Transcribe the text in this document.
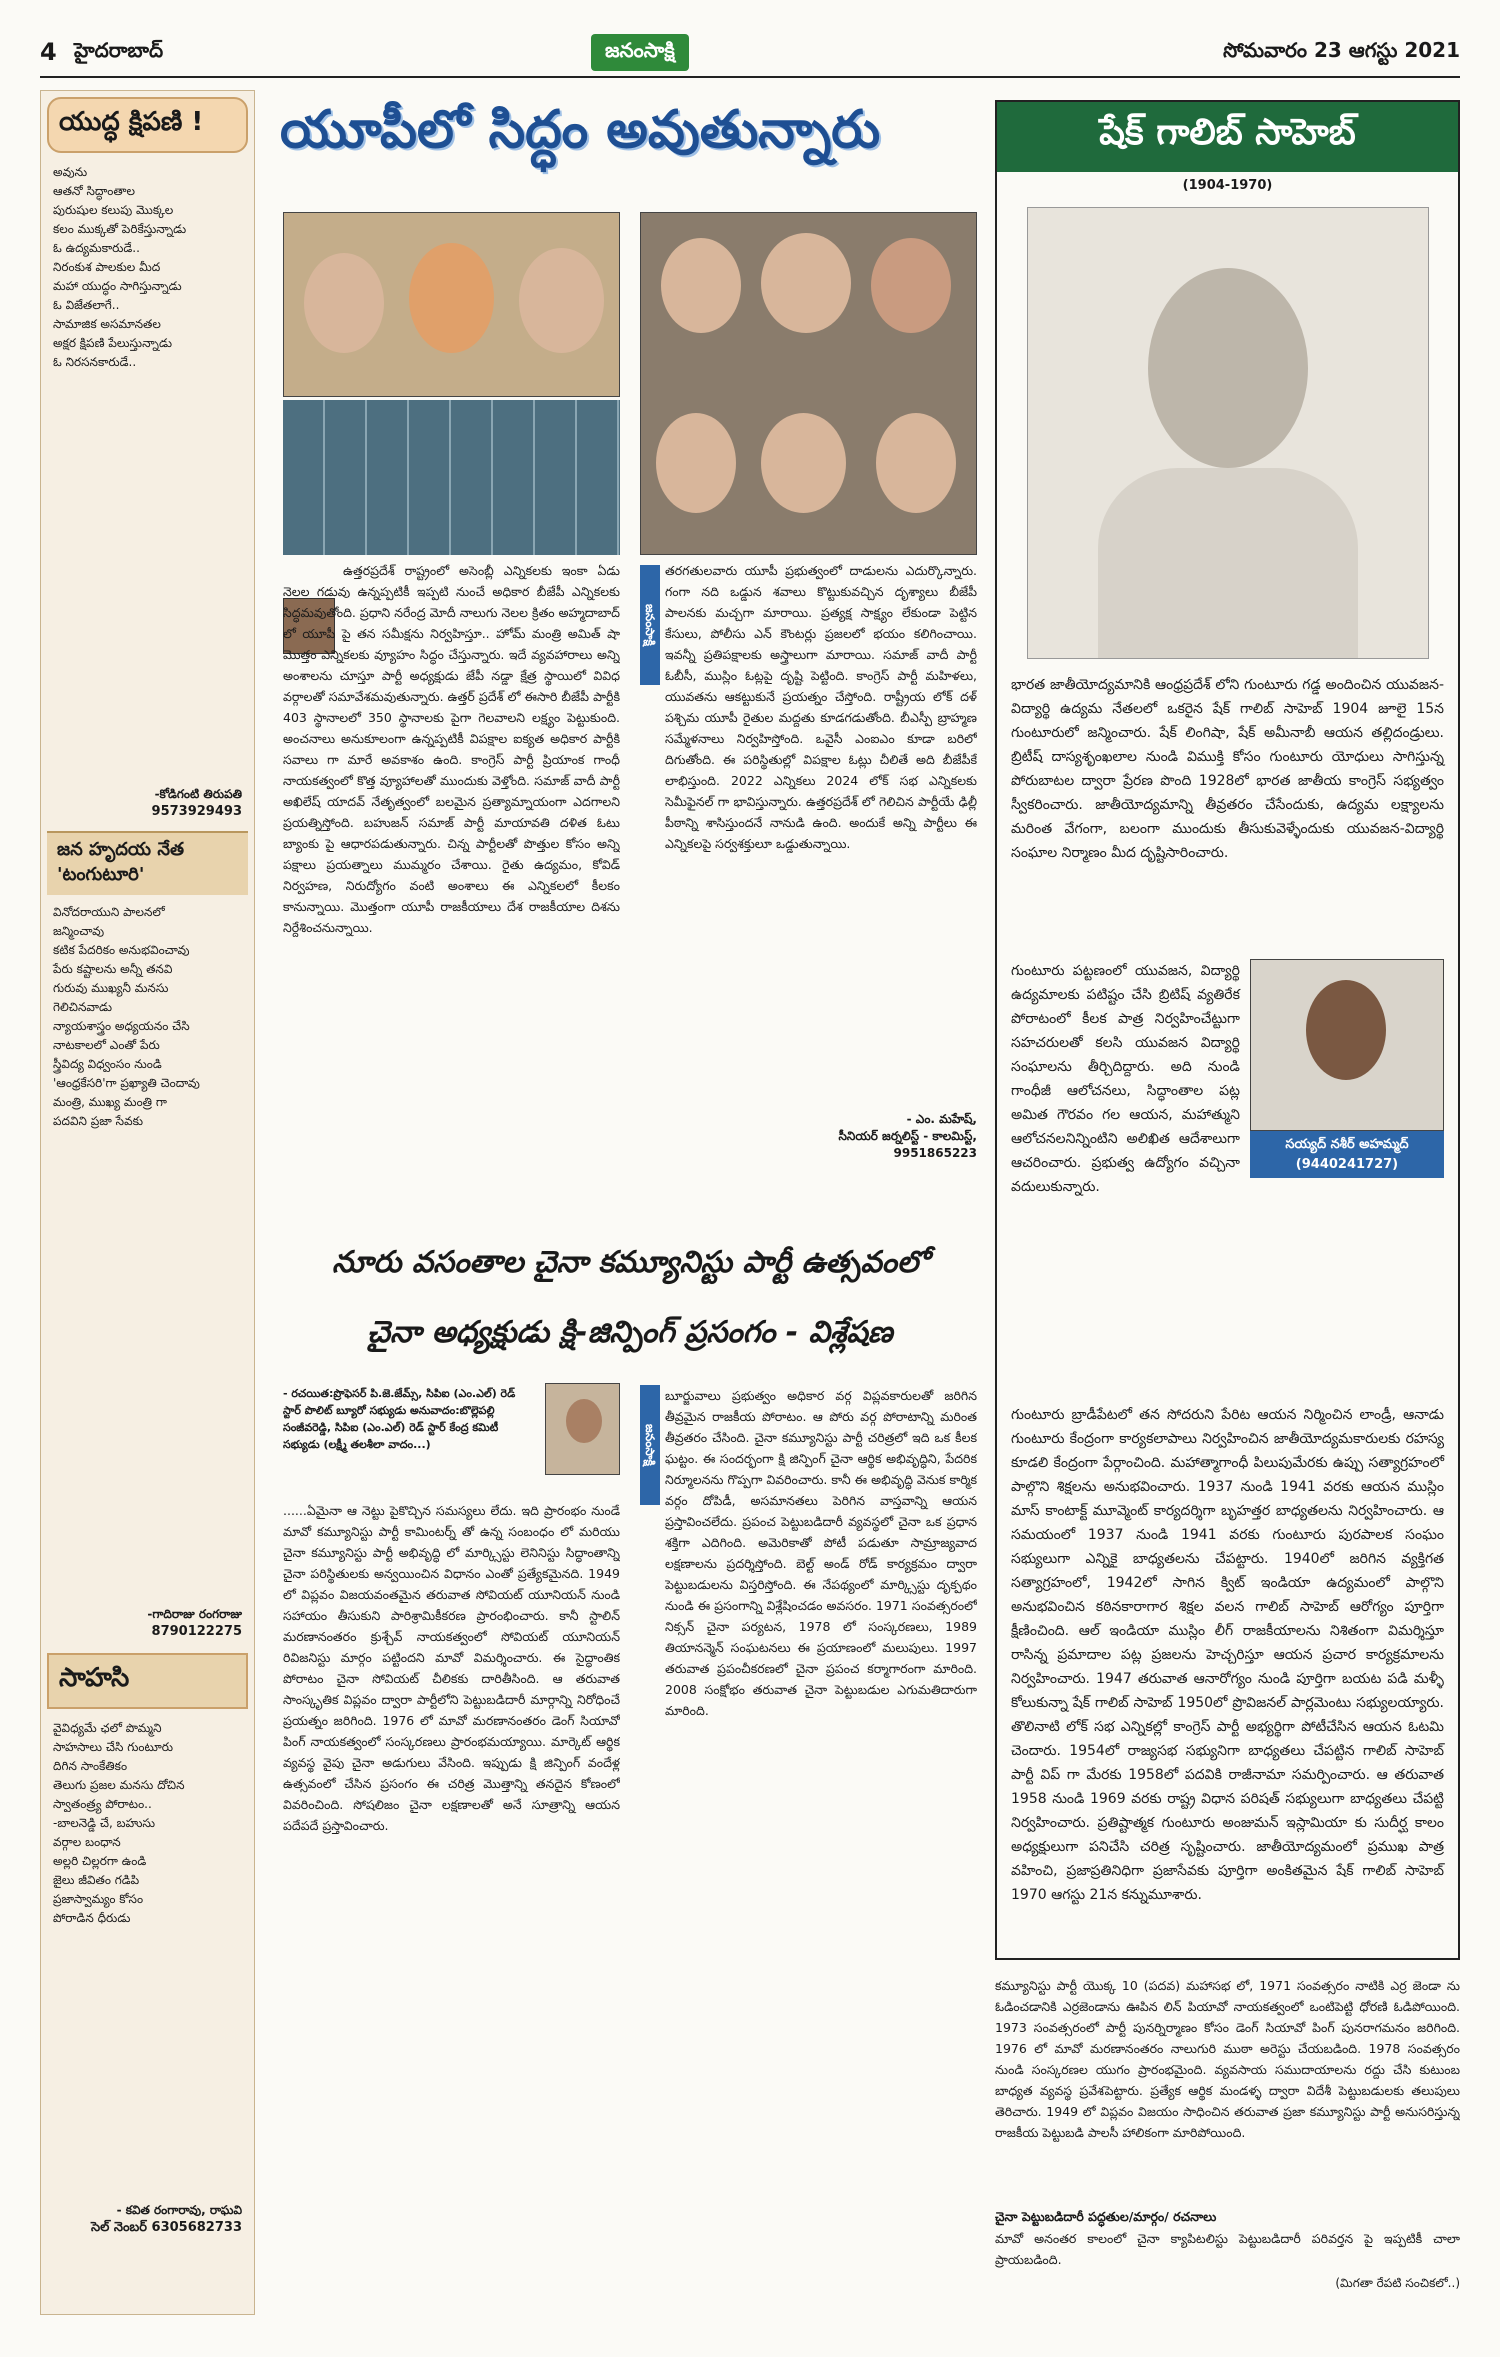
4 హైదరాబాద్	జనంసాక్షి	సోమవారం 23 ఆగస్టు 2021
యుద్ధ క్షిపణి !
అవును
ఆతనో సిద్ధాంతాల
పురుషుల కలుపు మొక్కల
కలం ముక్కతో పెరికేస్తున్నాడు
ఓ ఉద్యమకారుడే..
నిరంకుశ పాలకుల మీద
మహా యుద్ధం సాగిస్తున్నాడు
ఓ విజేతలాగే..
సామాజిక అసమానతల
అక్షర క్షిపణి పేలుస్తున్నాడు
ఓ నిరసనకారుడే..
-కోడిగంటి తిరుపతి
9573929493
జన హృదయ నేత 'టంగుటూరి'
వినోదరాయుని పాలనలో
జన్మించావు
కటిక పేదరికం అనుభవించావు
పేరు కష్టాలను అన్నీ తనవి
గురువు ముఖ్యనీ మనసు
గెలిచినవాడు
న్యాయశాస్త్రం అధ్యయనం చేసి
నాటకాలలో ఎంతో పేరు
స్త్రీవిద్య విధ్వంసం నుండి
'ఆంధ్రకేసరి'గా ప్రఖ్యాతి చెందావు
మంత్రి, ముఖ్య మంత్రి గా
పదవిని ప్రజా సేవకు
-గాదిరాజు రంగరాజు
8790122275
సాహసి
వైవిధ్యమే ఛలో పొమ్మని
సాహసాలు చేసి గుంటూరు
దిగిన సాంకేతికం
తెలుగు ప్రజల మనసు దోచిన
స్వాతంత్ర్య పోరాటం..
-బాలనెడ్డి చే, బహుసు
వర్గాల బంధాన
అల్లరి చిల్లరగా ఉండి
జైలు జీవితం గడిపి
ప్రజాస్వామ్యం కోసం
పోరాడిన ధీరుడు
- కవిత రంగారావు, రాఘవి
సెల్ నెంబర్ 6305682733
యూపీలో సిద్ధం అవుతున్నారు
ఉత్తరప్రదేశ్ రాష్ట్రంలో అసెంబ్లీ ఎన్నికలకు ఇంకా ఏడు నెలల గడువు ఉన్నప్పటికీ ఇప్పటి నుంచే అధికార బీజేపీ ఎన్నికలకు సిద్ధమవుతోంది. ప్రధాని నరేంద్ర మోదీ నాలుగు నెలల క్రితం అహ్మదాబాద్ లో యూపీ పై తన సమీక్షను నిర్వహిస్తూ.. హోమ్ మంత్రి అమిత్ షా మొత్తం ఎన్నికలకు వ్యూహం సిద్ధం చేస్తున్నారు. ఇదే వ్యవహారాలు అన్ని అంశాలను చూస్తూ పార్టీ అధ్యక్షుడు జేపీ నడ్డా క్షేత్ర స్థాయిలో వివిధ వర్గాలతో సమావేశమవుతున్నారు. ఉత్తర్ ప్రదేశ్ లో ఈసారి బీజేపీ పార్టీకి 403 స్థానాలలో 350 స్థానాలకు పైగా గెలవాలని లక్ష్యం పెట్టుకుంది. అంచనాలు అనుకూలంగా ఉన్నప్పటికీ విపక్షాల ఐక్యత అధికార పార్టీకి సవాలు గా మారే అవకాశం ఉంది. కాంగ్రెస్ పార్టీ ప్రియాంక గాంధీ నాయకత్వంలో కొత్త వ్యూహాలతో ముందుకు వెళ్తోంది. సమాజ్ వాదీ పార్టీ అఖిలేష్ యాదవ్ నేతృత్వంలో బలమైన ప్రత్యామ్నాయంగా ఎదగాలని ప్రయత్నిస్తోంది. బహుజన్ సమాజ్ పార్టీ మాయావతి దళిత ఓటు బ్యాంకు పై ఆధారపడుతున్నారు. చిన్న పార్టీలతో పొత్తుల కోసం అన్ని పక్షాలు ప్రయత్నాలు ముమ్మరం చేశాయి. రైతు ఉద్యమం, కోవిడ్ నిర్వహణ, నిరుద్యోగం వంటి అంశాలు ఈ ఎన్నికలలో కీలకం కానున్నాయి. మొత్తంగా యూపీ రాజకీయాలు దేశ రాజకీయాల దిశను నిర్దేశించనున్నాయి.
జనంసాక్షి
తరగతులవారు యూపీ ప్రభుత్వంలో దాడులను ఎదుర్కొన్నారు. గంగా నది ఒడ్డున శవాలు కొట్టుకువచ్చిన దృశ్యాలు బీజేపీ పాలనకు మచ్చగా మారాయి. ప్రత్యక్ష సాక్ష్యం లేకుండా పెట్టిన కేసులు, పోలీసు ఎన్ కౌంటర్లు ప్రజలలో భయం కలిగించాయి. ఇవన్నీ ప్రతిపక్షాలకు అస్త్రాలుగా మారాయి. సమాజ్ వాదీ పార్టీ ఓబీసీ, ముస్లిం ఓట్లపై దృష్టి పెట్టింది. కాంగ్రెస్ పార్టీ మహిళలు, యువతను ఆకట్టుకునే ప్రయత్నం చేస్తోంది. రాష్ట్రీయ లోక్ దళ్ పశ్చిమ యూపీ రైతుల మద్దతు కూడగడుతోంది. బీఎస్పీ బ్రాహ్మణ సమ్మేళనాలు నిర్వహిస్తోంది. ఒవైసీ ఎంఐఎం కూడా బరిలో దిగుతోంది. ఈ పరిస్థితుల్లో విపక్షాల ఓట్లు చీలితే అది బీజేపీకే లాభిస్తుంది. 2022 ఎన్నికలు 2024 లోక్ సభ ఎన్నికలకు సెమీఫైనల్ గా భావిస్తున్నారు. ఉత్తరప్రదేశ్ లో గెలిచిన పార్టీయే ఢిల్లీ పీఠాన్ని శాసిస్తుందనే నానుడి ఉంది. అందుకే అన్ని పార్టీలు ఈ ఎన్నికలపై సర్వశక్తులూ ఒడ్డుతున్నాయి.
- ఎం. మహేష్,
సీనియర్ జర్నలిస్ట్ - కాలమిస్ట్,
9951865223
నూరు వసంతాల చైనా కమ్యూనిస్టు పార్టీ ఉత్సవంలో
చైనా అధ్యక్షుడు క్షి-జిన్పింగ్ ప్రసంగం - విశ్లేషణ
- రచయిత:ప్రొఫెసర్ పి.జె.జేమ్స్, సిపిఐ (ఎం.ఎల్) రెడ్ స్టార్ పొలిట్ బ్యూరో సభ్యుడు అనువాదం:బొల్లెపల్లి సంజీవరెడ్డి, సిపిఐ (ఎం.ఎల్) రెడ్ స్టార్ కేంద్ర కమిటీ సభ్యుడు (లక్ష్మీ తలశీలా వాదం...)
......ఏమైనా ఆ నెట్టు పైకొచ్చిన సమస్యలు లేదు. ఇది ప్రారంభం నుండే మావో కమ్యూనిస్టు పార్టీ కామింటర్న్ తో ఉన్న సంబంధం లో మరియు చైనా కమ్యూనిస్టు పార్టీ అభివృద్ధి లో మార్క్సిస్టు లెనినిస్టు సిద్ధాంతాన్ని చైనా పరిస్థితులకు అన్వయించిన విధానం ఎంతో ప్రత్యేకమైనది. 1949 లో విప్లవం విజయవంతమైన తరువాత సోవియట్ యూనియన్ నుండి సహాయం తీసుకుని పారిశ్రామికీకరణ ప్రారంభించారు. కానీ స్టాలిన్ మరణానంతరం క్రుశ్చేవ్ నాయకత్వంలో సోవియట్ యూనియన్ రివిజనిస్టు మార్గం పట్టిందని మావో విమర్శించారు. ఈ సైద్ధాంతిక పోరాటం చైనా సోవియట్ చీలికకు దారితీసింది. ఆ తరువాత సాంస్కృతిక విప్లవం ద్వారా పార్టీలోని పెట్టుబడిదారీ మార్గాన్ని నిరోధించే ప్రయత్నం జరిగింది. 1976 లో మావో మరణానంతరం డెంగ్ సియావో పింగ్ నాయకత్వంలో సంస్కరణలు ప్రారంభమయ్యాయి. మార్కెట్ ఆర్థిక వ్యవస్థ వైపు చైనా అడుగులు వేసింది. ఇప్పుడు క్షి జిన్పింగ్ వందేళ్ల ఉత్సవంలో చేసిన ప్రసంగం ఈ చరిత్ర మొత్తాన్ని తనదైన కోణంలో వివరించింది. సోషలిజం చైనా లక్షణాలతో అనే సూత్రాన్ని ఆయన పదేపదే ప్రస్తావించారు.
జనంసాక్షి
బూర్జువాలు ప్రభుత్వం అధికార వర్గ విప్లవకారులతో జరిగిన తీవ్రమైన రాజకీయ పోరాటం. ఆ పోరు వర్గ పోరాటాన్ని మరింత తీవ్రతరం చేసింది. చైనా కమ్యూనిస్టు పార్టీ చరిత్రలో ఇది ఒక కీలక ఘట్టం. ఈ సందర్భంగా క్షి జిన్పింగ్ చైనా ఆర్థిక అభివృద్ధిని, పేదరిక నిర్మూలనను గొప్పగా వివరించారు. కానీ ఈ అభివృద్ధి వెనుక కార్మిక వర్గం దోపిడీ, అసమానతలు పెరిగిన వాస్తవాన్ని ఆయన ప్రస్తావించలేదు. ప్రపంచ పెట్టుబడిదారీ వ్యవస్థలో చైనా ఒక ప్రధాన శక్తిగా ఎదిగింది. అమెరికాతో పోటీ పడుతూ సామ్రాజ్యవాద లక్షణాలను ప్రదర్శిస్తోంది. బెల్ట్ అండ్ రోడ్ కార్యక్రమం ద్వారా పెట్టుబడులను విస్తరిస్తోంది. ఈ నేపథ్యంలో మార్క్సిస్టు దృక్పథం నుండి ఈ ప్రసంగాన్ని విశ్లేషించడం అవసరం. 1971 సంవత్సరంలో నిక్సన్ చైనా పర్యటన, 1978 లో సంస్కరణలు, 1989 తియానన్మెన్ సంఘటనలు ఈ ప్రయాణంలో మలుపులు. 1997 తరువాత ప్రపంచీకరణలో చైనా ప్రపంచ కర్మాగారంగా మారింది. 2008 సంక్షోభం తరువాత చైనా పెట్టుబడుల ఎగుమతిదారుగా మారింది.
షేక్ గాలిబ్ సాహెబ్
(1904-1970)
భారత జాతీయోద్యమానికి ఆంధ్రప్రదేశ్ లోని గుంటూరు గడ్డ అందించిన యువజన-విద్యార్థి ఉద్యమ నేతలలో ఒకరైన షేక్ గాలిబ్ సాహెబ్ 1904 జూలై 15న గుంటూరులో జన్మించారు. షేక్ లింగిషా, షేక్ అమీనాబీ ఆయన తల్లిదండ్రులు. బ్రిటీష్ దాస్యశృంఖలాల నుండి విముక్తి కోసం గుంటూరు యోధులు సాగిస్తున్న పోరుబాటల ద్వారా ప్రేరణ పొంది 1928లో భారత జాతీయ కాంగ్రెస్ సభ్యత్వం స్వీకరించారు. జాతీయోద్యమాన్ని తీవ్రతరం చేసేందుకు, ఉద్యమ లక్ష్యాలను మరింత వేగంగా, బలంగా ముందుకు తీసుకువెళ్ళేందుకు యువజన-విద్యార్థి సంఘాల నిర్మాణం మీద దృష్టిసారించారు.
గుంటూరు పట్టణంలో యువజన, విద్యార్థి ఉద్యమాలకు పటిష్టం చేసి బ్రిటిష్ వ్యతిరేక పోరాటంలో కీలక పాత్ర నిర్వహించేట్టుగా సహచరులతో కలసి యువజన విద్యార్థి సంఘాలను తీర్చిదిద్దారు. అది నుండి గాంధీజీ ఆలోచనలు, సిద్ధాంతాల పట్ల అమిత గౌరవం గల ఆయన, మహాత్ముని ఆలోచనలనిన్నింటిని అలిఖిత ఆదేశాలుగా ఆచరించారు. ప్రభుత్వ ఉద్యోగం వచ్చినా వదులుకున్నారు.
సయ్యద్ నశీర్ అహమ్మద్
(9440241727)
గుంటూరు బ్రాడీపేటలో తన సోదరుని పేరిట ఆయన నిర్మించిన లాండ్రీ, ఆనాడు గుంటూరు కేంద్రంగా కార్యకలాపాలు నిర్వహించిన జాతీయోద్యమకారులకు రహస్య కూడలి కేంద్రంగా పేర్గాంచింది. మహాత్మాగాంధీ పిలుపుమేరకు ఉప్పు సత్యాగ్రహంలో పాల్గొని శిక్షలను అనుభవించారు. 1937 నుండి 1941 వరకు ఆయన ముస్లిం మాస్ కాంటాక్ట్ మూవ్మెంట్ కార్యదర్శిగా బృహత్తర బాధ్యతలను నిర్వహించారు. ఆ సమయంలో 1937 నుండి 1941 వరకు గుంటూరు పురపాలక సంఘం సభ్యులుగా ఎన్నికై బాధ్యతలను చేపట్టారు. 1940లో జరిగిన వ్యక్తిగత సత్యాగ్రహంలో, 1942లో సాగిన క్విట్ ఇండియా ఉద్యమంలో పాల్గొని అనుభవించిన కఠినకారాగార శిక్షల వలన గాలిబ్ సాహెబ్ ఆరోగ్యం పూర్తిగా క్షీణించింది. ఆల్ ఇండియా ముస్లిం లీగ్ రాజకీయాలను నిశితంగా విమర్శిస్తూ రాసిన్న ప్రమాదాల పట్ల ప్రజలను హెచ్చరిస్తూ ఆయన ప్రచార కార్యక్రమాలను నిర్వహించారు. 1947 తరువాత ఆనారోగ్యం నుండి పూర్తిగా బయట పడి మళ్ళీ కోలుకున్నా షేక్ గాలిబ్ సాహెబ్ 1950లో ప్రొవిజనల్ పార్లమెంటు సభ్యులయ్యారు. తొలినాటి లోక్ సభ ఎన్నికల్లో కాంగ్రెస్ పార్టీ అభ్యర్థిగా పోటీచేసిన ఆయన ఓటమి చెందారు. 1954లో రాజ్యసభ సభ్యునిగా బాధ్యతలు చేపట్టిన గాలిబ్ సాహెబ్ పార్టీ విప్ గా మేరకు 1958లో పదవికి రాజీనామా సమర్పించారు. ఆ తరువాత 1958 నుండి 1969 వరకు రాష్ట్ర విధాన పరిషత్ సభ్యులుగా బాధ్యతలు చేపట్టి నిర్వహించారు. ప్రతిష్టాత్మక గుంటూరు అంజుమన్ ఇస్లామియా కు సుదీర్ఘ కాలం అధ్యక్షులుగా పనిచేసి చరిత్ర సృష్టించారు. జాతీయోద్యమంలో ప్రముఖ పాత్ర వహించి, ప్రజాప్రతినిధిగా ప్రజాసేవకు పూర్తిగా అంకితమైన షేక్ గాలిబ్ సాహెబ్ 1970 ఆగస్టు 21న కన్నుమూశారు.
కమ్యూనిస్టు పార్టీ యొక్క 10 (పదవ) మహాసభ లో, 1971 సంవత్సరం నాటికి ఎర్ర జెండా ను ఓడించడానికి ఎర్రజెండాను ఊపిన లిన్ పియావో నాయకత్వంలో ఒంటిపెట్టి ధోరణి ఓడిపోయింది. 1973 సంవత్సరంలో పార్టీ పునర్నిర్మాణం కోసం డెంగ్ సియావో పింగ్ పునరాగమనం జరిగింది. 1976 లో మావో మరణానంతరం నాలుగురి ముఠా అరెస్టు చేయబడింది. 1978 సంవత్సరం నుండి సంస్కరణల యుగం ప్రారంభమైంది. వ్యవసాయ సముదాయాలను రద్దు చేసి కుటుంబ బాధ్యత వ్యవస్థ ప్రవేశపెట్టారు. ప్రత్యేక ఆర్థిక మండళ్ళ ద్వారా విదేశీ పెట్టుబడులకు తలుపులు తెరిచారు. 1949 లో విప్లవం విజయం సాధించిన తరువాత ప్రజా కమ్యూనిస్టు పార్టీ అనుసరిస్తున్న రాజకీయ పెట్టుబడి పాలసీ హాలికంగా మారిపోయింది.
చైనా పెట్టుబడిదారీ పద్ధతుల/మార్గం/ రచనాలు
మావో అనంతర కాలంలో చైనా క్యాపిటలిస్టు పెట్టుబడిదారీ పరివర్తన పై ఇప్పటికీ చాలా ప్రాయబడింది.
(మిగతా రేపటి సంచికలో..)
